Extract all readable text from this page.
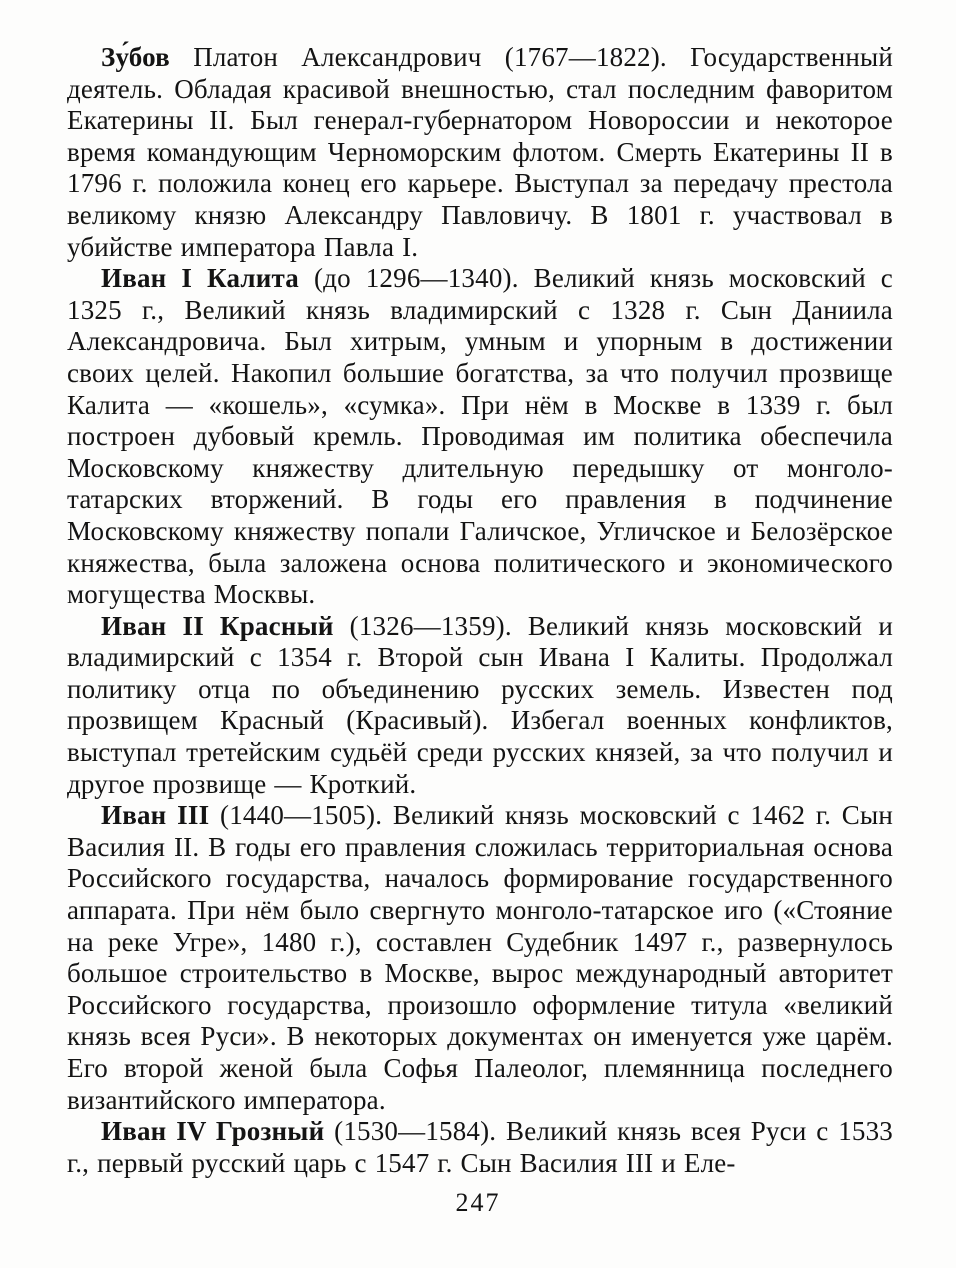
Зу́бов Платон Александрович (1767—1822). Государственный деятель. Обладая красивой внешностью, стал последним фаворитом Екатерины II. Был генерал-губернатором Новороссии и некоторое время командующим Черноморским флотом. Смерть Екатерины II в 1796 г. положила конец его карьере. Выступал за передачу престола великому князю Александру Павловичу. В 1801 г. участвовал в убийстве императора Павла I.

Иван I Калита (до 1296—1340). Великий князь московский с 1325 г., Великий князь владимирский с 1328 г. Сын Даниила Александровича. Был хитрым, умным и упорным в достижении своих целей. Накопил большие богатства, за что получил прозвище Калита — «кошель», «сумка». При нём в Москве в 1339 г. был построен дубовый кремль. Проводимая им политика обеспечила Московскому княжеству длительную передышку от монголо-татарских вторжений. В годы его правления в подчинение Московскому княжеству попали Галичское, Угличское и Белозёрское княжества, была заложена основа политического и экономического могущества Москвы.

Иван II Красный (1326—1359). Великий князь московский и владимирский с 1354 г. Второй сын Ивана I Калиты. Продолжал политику отца по объединению русских земель. Известен под прозвищем Красный (Красивый). Избегал военных конфликтов, выступал третейским судьёй среди русских князей, за что получил и другое прозвище — Кроткий.

Иван III (1440—1505). Великий князь московский с 1462 г. Сын Василия II. В годы его правления сложилась территориальная основа Российского государства, началось формирование государственного аппарата. При нём было свергнуто монголо-татарское иго («Стояние на реке Угре», 1480 г.), составлен Судебник 1497 г., развернулось большое строительство в Москве, вырос международный авторитет Российского государства, произошло оформление титула «великий князь всея Руси». В некоторых документах он именуется уже царём. Его второй женой была Софья Палеолог, племянница последнего византийского императора.

Иван IV Грозный (1530—1584). Великий князь всея Руси с 1533 г., первый русский царь с 1547 г. Сын Василия III и Еле-

247
